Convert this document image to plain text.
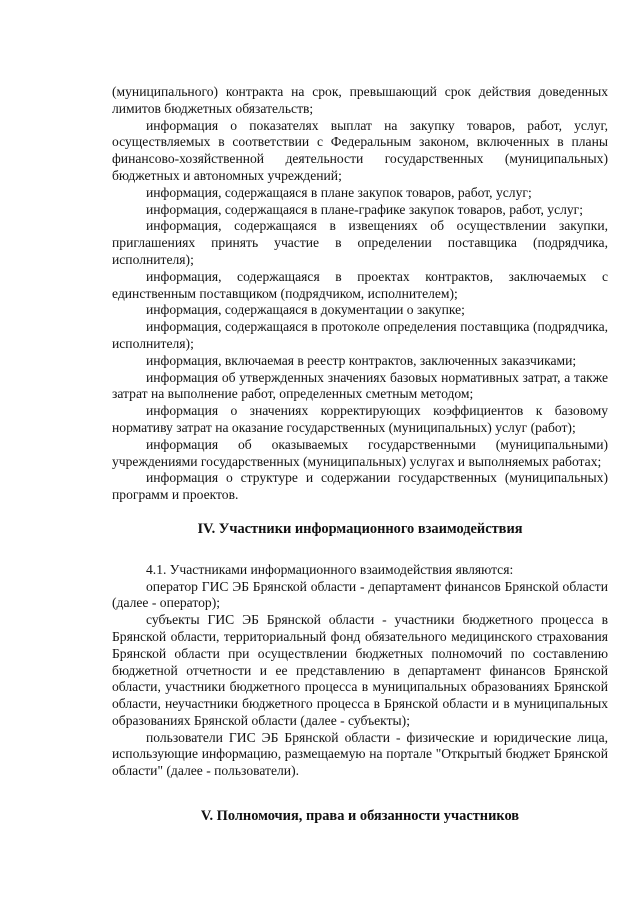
(муниципального) контракта на срок, превышающий срок действия доведенных лимитов бюджетных обязательств;

информация о показателях выплат на закупку товаров, работ, услуг, осуществляемых в соответствии с Федеральным законом, включенных в планы финансово-хозяйственной деятельности государственных (муниципальных) бюджетных и автономных учреждений;

информация, содержащаяся в плане закупок товаров, работ, услуг;

информация, содержащаяся в плане-графике закупок товаров, работ, услуг;

информация, содержащаяся в извещениях об осуществлении закупки, приглашениях принять участие в определении поставщика (подрядчика, исполнителя);

информация, содержащаяся в проектах контрактов, заключаемых с единственным поставщиком (подрядчиком, исполнителем);

информация, содержащаяся в документации о закупке;

информация, содержащаяся в протоколе определения поставщика (подрядчика, исполнителя);

информация, включаемая в реестр контрактов, заключенных заказчиками;

информация об утвержденных значениях базовых нормативных затрат, а также затрат на выполнение работ, определенных сметным методом;

информация о значениях корректирующих коэффициентов к базовому нормативу затрат на оказание государственных (муниципальных) услуг (работ);

информация об оказываемых государственными (муниципальными) учреждениями государственных (муниципальных) услугах и выполняемых работах;

информация о структуре и содержании государственных (муниципальных) программ и проектов.

IV. Участники информационного взаимодействия

4.1. Участниками информационного взаимодействия являются:

оператор ГИС ЭБ Брянской области - департамент финансов Брянской области (далее - оператор);

субъекты ГИС ЭБ Брянской области - участники бюджетного процесса в Брянской области, территориальный фонд обязательного медицинского страхования Брянской области при осуществлении бюджетных полномочий по составлению бюджетной отчетности и ее представлению в департамент финансов Брянской области, участники бюджетного процесса в муниципальных образованиях Брянской области, неучастники бюджетного процесса в Брянской области и в муниципальных образованиях Брянской области (далее - субъекты);

пользователи ГИС ЭБ Брянской области - физические и юридические лица, использующие информацию, размещаемую на портале "Открытый бюджет Брянской области" (далее - пользователи).

V. Полномочия, права и обязанности участников
